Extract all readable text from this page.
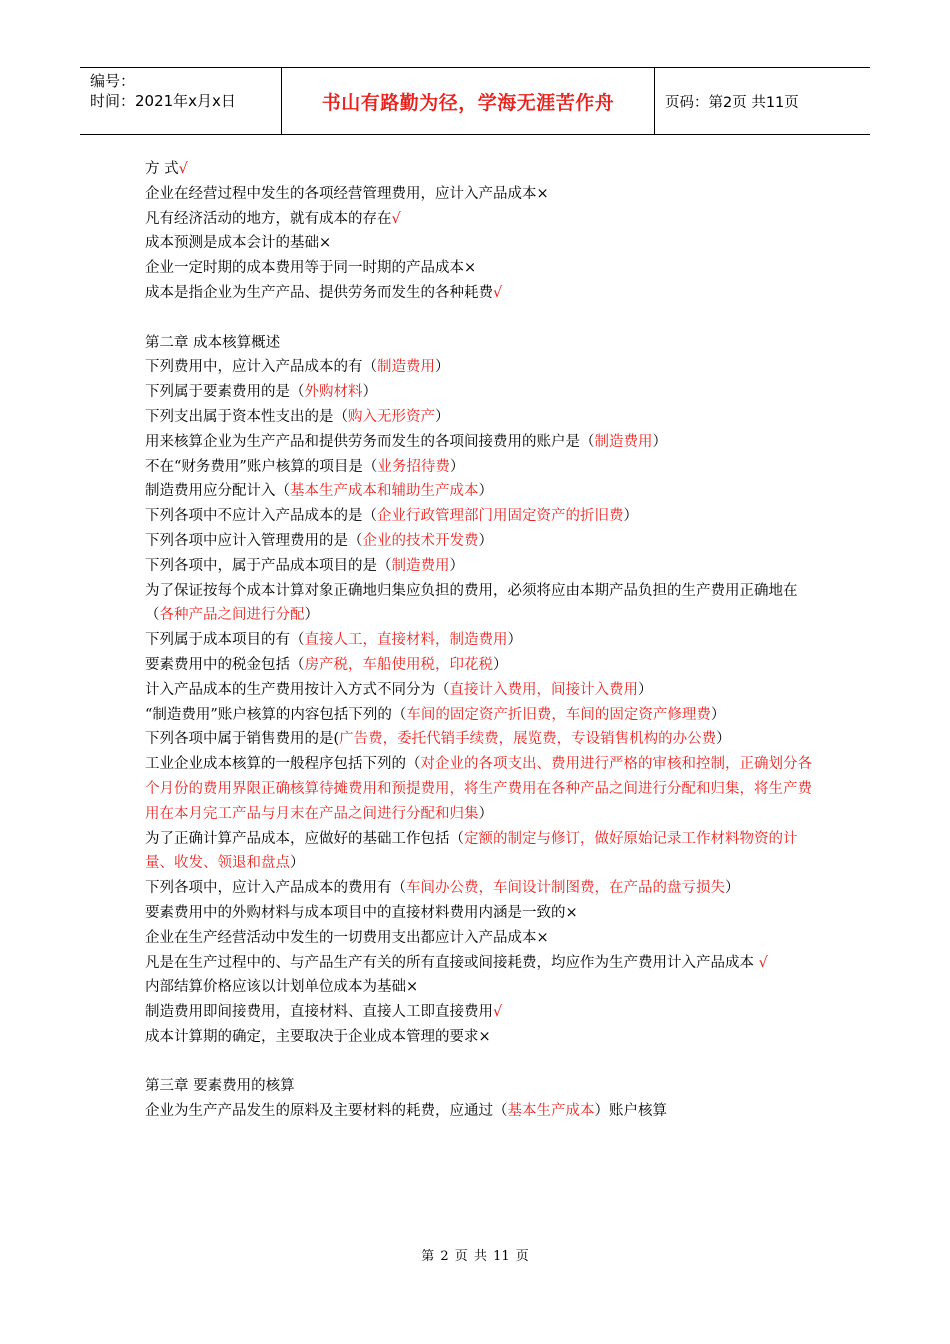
编号：
时间：2021年x月x日	书山有路勤为径，学海无涯苦作舟	页码：第2页 共11页
方 式√
企业在经营过程中发生的各项经营管理费用，应计入产品成本×
凡有经济活动的地方，就有成本的存在√
成本预测是成本会计的基础×
企业一定时期的成本费用等于同一时期的产品成本×
成本是指企业为生产产品、提供劳务而发生的各种耗费√
第二章 成本核算概述
下列费用中，应计入产品成本的有（制造费用）
下列属于要素费用的是（外购材料）
下列支出属于资本性支出的是（购入无形资产）
用来核算企业为生产产品和提供劳务而发生的各项间接费用的账户是（制造费用）
不在“财务费用”账户核算的项目是（业务招待费）
制造费用应分配计入（基本生产成本和辅助生产成本）
下列各项中不应计入产品成本的是（企业行政管理部门用固定资产的折旧费）
下列各项中应计入管理费用的是（企业的技术开发费）
下列各项中，属于产品成本项目的是（制造费用）
为了保证按每个成本计算对象正确地归集应负担的费用，必须将应由本期产品负担的生产费用正确地在（各种产品之间进行分配）
下列属于成本项目的有（直接人工，直接材料，制造费用）
要素费用中的税金包括（房产税，车船使用税，印花税）
计入产品成本的生产费用按计入方式不同分为（直接计入费用，间接计入费用）
“制造费用”账户核算的内容包括下列的（车间的固定资产折旧费，车间的固定资产修理费）
下列各项中属于销售费用的是(广告费，委托代销手续费，展览费，专设销售机构的办公费）
工业企业成本核算的一般程序包括下列的（对企业的各项支出、费用进行严格的审核和控制，正确划分各个月份的费用界限正确核算待摊费用和预提费用，将生产费用在各种产品之间进行分配和归集，将生产费用在本月完工产品与月末在产品之间进行分配和归集）
为了正确计算产品成本，应做好的基础工作包括（定额的制定与修订，做好原始记录工作材料物资的计量、收发、领退和盘点）
下列各项中，应计入产品成本的费用有（车间办公费，车间设计制图费，在产品的盘亏损失）
要素费用中的外购材料与成本项目中的直接材料费用内涵是一致的×
企业在生产经营活动中发生的一切费用支出都应计入产品成本×
凡是在生产过程中的、与产品生产有关的所有直接或间接耗费，均应作为生产费用计入产品成本 √
内部结算价格应该以计划单位成本为基础×
制造费用即间接费用，直接材料、直接人工即直接费用√
成本计算期的确定，主要取决于企业成本管理的要求×
第三章 要素费用的核算
企业为生产产品发生的原料及主要材料的耗费，应通过（基本生产成本）账户核算
第 2 页 共 11 页
